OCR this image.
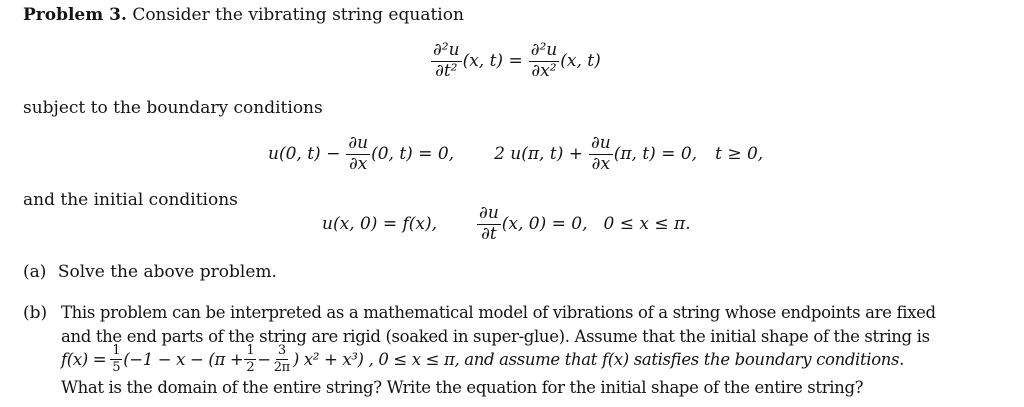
Problem 3. Consider the vibrating string equation
$\frac{\text{∂²u}}{\text{∂t²}} (x$, $t) = \frac{\text{∂²u}}{\text{∂x²}} (x$, t)
subject to the boundary conditions
u(0, $t) - \frac{\partial u}{\partial x} (0$, t) = 0, 2 u(π, $t) + \frac{\partial u}{\partial x} (\pi$, t) = 0, t ≥ 0,
and the initial conditions
u(x, 0) = f(x), $\frac{\partial u}{\partial t} (x$, 0) = 0, 0 ≤ x ≤ π.
(a) Solve the above problem.
(b) This problem can be interpreted as a mathematical model of vibrations of a string whose endpoints are fixed
and the end parts of the string are rigid (soaked in super-glue). Assume that the initial shape of the string is
$f(x) = \frac{1}{5} (-1 - x - (\pi + \frac{1}{2} - \frac{3}{2\pi}$ ) x² + x³) , 0 ≤ x ≤ π, and assume that f(x) satisfies the boundary conditions.
What is the domain of the entire string? Write the equation for the initial shape of the entire string?
